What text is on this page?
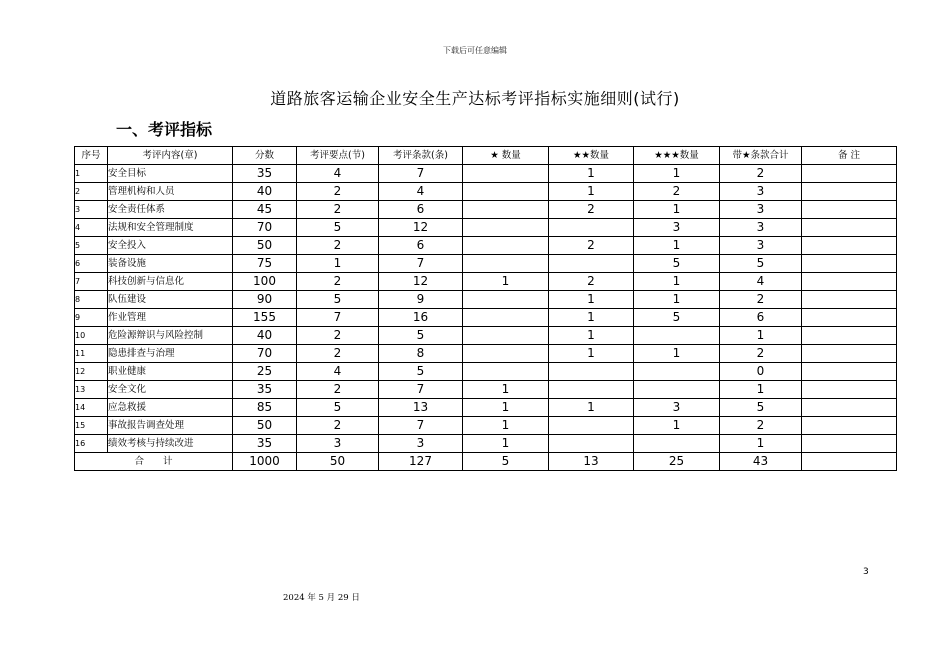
下载后可任意编辑
道路旅客运输企业安全生产达标考评指标实施细则(试行)
一、考评指标
序号	考评内容(章)	分数	考评要点(节)	考评条款(条)	★ 数量	★★数量	★★★数量	带★条款合计	备 注
1	安全目标	35	4	7		1	1	2	
2	管理机构和人员	40	2	4		1	2	3	
3	安全责任体系	45	2	6		2	1	3	
4	法规和安全管理制度	70	5	12			3	3	
5	安全投入	50	2	6		2	1	3	
6	装备设施	75	1	7			5	5	
7	科技创新与信息化	100	2	12	1	2	1	4	
8	队伍建设	90	5	9		1	1	2	
9	作业管理	155	7	16		1	5	6	
10	危险源辩识与风险控制	40	2	5		1		1	
11	隐患排查与治理	70	2	8		1	1	2	
12	职业健康	25	4	5				0	
13	安全文化	35	2	7	1			1	
14	应急救援	85	5	13	1	1	3	5	
15	事故报告调查处理	50	2	7	1		1	2	
16	绩效考核与持续改进	35	3	3	1			1	
合　　计		1000	50	127	5	13	25	43	
3
2024 年 5 月 29 日
